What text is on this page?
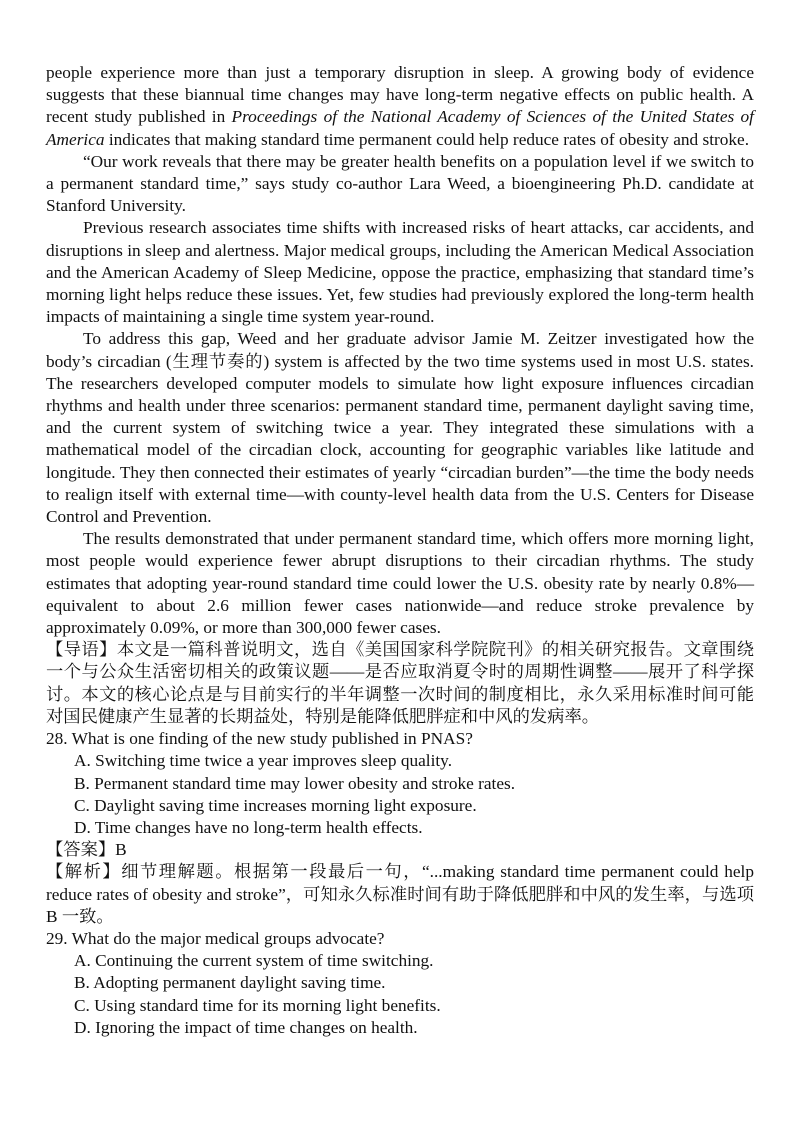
people experience more than just a temporary disruption in sleep. A growing body of evidence suggests that these biannual time changes may have long-term negative effects on public health. A recent study published in Proceedings of the National Academy of Sciences of the United States of America indicates that making standard time permanent could help reduce rates of obesity and stroke.

“Our work reveals that there may be greater health benefits on a population level if we switch to a permanent standard time,” says study co-author Lara Weed, a bioengineering Ph.D. candidate at Stanford University.

Previous research associates time shifts with increased risks of heart attacks, car accidents, and disruptions in sleep and alertness. Major medical groups, including the American Medical Association and the American Academy of Sleep Medicine, oppose the practice, emphasizing that standard time’s morning light helps reduce these issues. Yet, few studies had previously explored the long-term health impacts of maintaining a single time system year-round.

To address this gap, Weed and her graduate advisor Jamie M. Zeitzer investigated how the body’s circadian (生理节奏的) system is affected by the two time systems used in most U.S. states. The researchers developed computer models to simulate how light exposure influences circadian rhythms and health under three scenarios: permanent standard time, permanent daylight saving time, and the current system of switching twice a year. They integrated these simulations with a mathematical model of the circadian clock, accounting for geographic variables like latitude and longitude. They then connected their estimates of yearly “circadian burden”—the time the body needs to realign itself with external time—with county-level health data from the U.S. Centers for Disease Control and Prevention.

The results demonstrated that under permanent standard time, which offers more morning light, most people would experience fewer abrupt disruptions to their circadian rhythms. The study estimates that adopting year-round standard time could lower the U.S. obesity rate by nearly 0.8%—equivalent to about 2.6 million fewer cases nationwide—and reduce stroke prevalence by approximately 0.09%, or more than 300,000 fewer cases.

【导语】本文是一篇科普说明文，选自《美国国家科学院院刊》的相关研究报告。文章围绕一个与公众生活密切相关的政策议题——是否应取消夏令时的周期性调整——展开了科学探讨。本文的核心论点是与目前实行的半年调整一次时间的制度相比，永久采用标准时间可能对国民健康产生显著的长期益处，特别是能降低肥胖症和中风的发病率。

28. What is one finding of the new study published in PNAS?

A. Switching time twice a year improves sleep quality.

B. Permanent standard time may lower obesity and stroke rates.

C. Daylight saving time increases morning light exposure.

D. Time changes have no long-term health effects.

【答案】B

【解析】细节理解题。根据第一段最后一句，“...making standard time permanent could help reduce rates of obesity and stroke”，可知永久标准时间有助于降低肥胖和中风的发生率，与选项 B 一致。

29. What do the major medical groups advocate?

A. Continuing the current system of time switching.

B. Adopting permanent daylight saving time.

C. Using standard time for its morning light benefits.

D. Ignoring the impact of time changes on health.
